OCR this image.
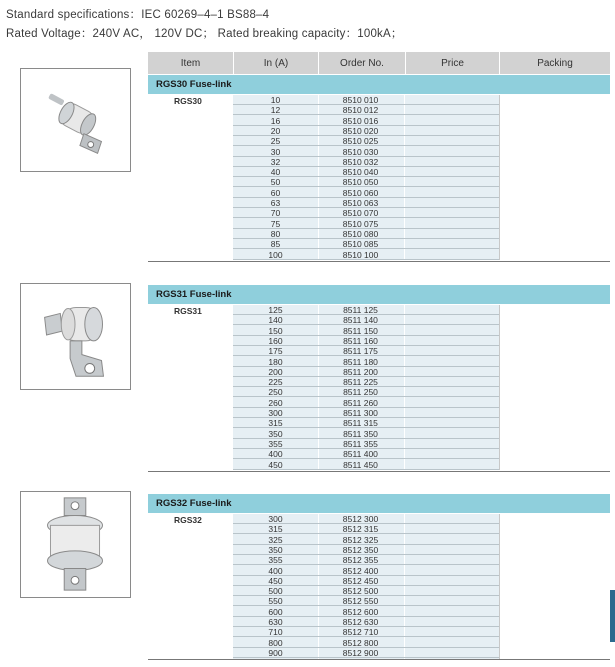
Standard specifications：IEC 60269–4–1 BS88–4
Rated Voltage：240V AC， 120V DC； Rated breaking capacity：100kA；
Item	In (A)	Order No.	Price	Packing
RGS30 Fuse-link
RGS30	10	8510 010
12	8510 012
16	8510 016
20	8510 020
25	8510 025
30	8510 030
32	8510 032
40	8510 040
50	8510 050
60	8510 060
63	8510 063
70	8510 070
75	8510 075
80	8510 080
85	8510 085
100	8510 100
RGS31 Fuse-link
RGS31	125	8511 125
140	8511 140
150	8511 150
160	8511 160
175	8511 175
180	8511 180
200	8511 200
225	8511 225
250	8511 250
260	8511 260
300	8511 300
315	8511 315
350	8511 350
355	8511 355
400	8511 400
450	8511 450
RGS32 Fuse-link
RGS32	300	8512 300
315	8512 315
325	8512 325
350	8512 350
355	8512 355
400	8512 400
450	8512 450
500	8512 500
550	8512 550
600	8512 600
630	8512 630
710	8512 710
800	8512 800
900	8512 900
